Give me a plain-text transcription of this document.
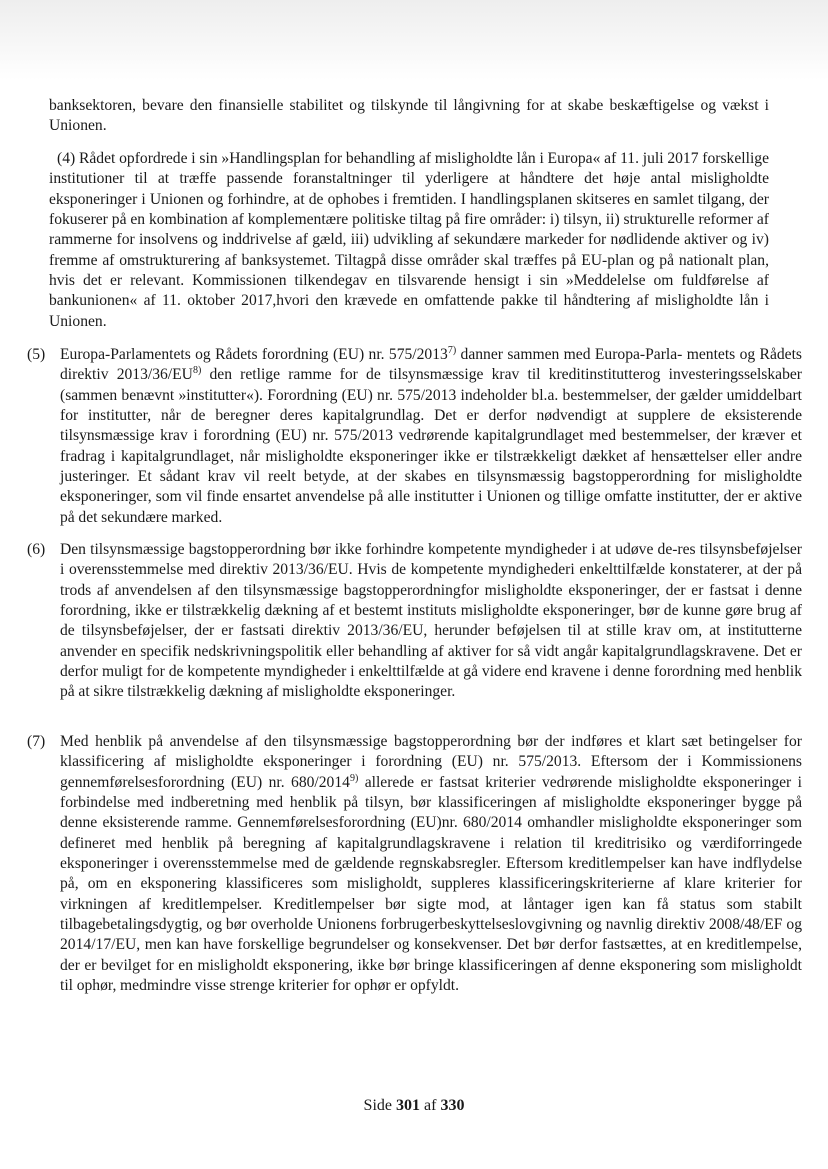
banksektoren, bevare den finansielle stabilitet og tilskynde til långivning for at skabe beskæftigelse og vækst i Unionen.

(4) Rådet opfordrede i sin »Handlingsplan for behandling af misligholdte lån i Europa« af 11. juli 2017 forskellige institutioner til at træffe passende foranstaltninger til yderligere at håndtere det høje antal misligholdte eksponeringer i Unionen og forhindre, at de ophobes i fremtiden. I handlingsplanen skitseres en samlet tilgang, der fokuserer på en kombination af komplementære politiske tiltag på fire områder: i) tilsyn, ii) strukturelle reformer af rammerne for insolvens og inddrivelse af gæld, iii) udvikling af sekundære markeder for nødlidende aktiver og iv) fremme af omstrukturering af banksystemet. Tiltagpå disse områder skal træffes på EU-plan og på nationalt plan, hvis det er relevant. Kommissionen tilkendegav en tilsvarende hensigt i sin »Meddelelse om fuldførelse af bankunionen« af 11. oktober 2017,hvori den krævede en omfattende pakke til håndtering af misligholdte lån i Unionen.

(5) Europa-Parlamentets og Rådets forordning (EU) nr. 575/2013$^{7)}$ danner sammen med Europa-Parla- mentets og Rådets direktiv 2013/36/EU$^{8)}$ den retlige ramme for de tilsynsmæssige krav til kreditinstitutterog investeringsselskaber (sammen benævnt »institutter«). Forordning (EU) nr. 575/2013 indeholder bl.a. bestemmelser, der gælder umiddelbart for institutter, når de beregner deres kapitalgrundlag. Det er derfor nødvendigt at supplere de eksisterende tilsynsmæssige krav i forordning (EU) nr. 575/2013 vedrørende kapitalgrundlaget med bestemmelser, der kræver et fradrag i kapitalgrundlaget, når misligholdte eksponeringer ikke er tilstrækkeligt dækket af hensættelser eller andre justeringer. Et sådant krav vil reelt betyde, at der skabes en tilsynsmæssig bagstopperordning for misligholdte eksponeringer, som vil finde ensartet anvendelse på alle institutter i Unionen og tillige omfatte institutter, der er aktive på det sekundære marked.

(6) Den tilsynsmæssige bagstopperordning bør ikke forhindre kompetente myndigheder i at udøve de-res tilsynsbeføjelser i overensstemmelse med direktiv 2013/36/EU. Hvis de kompetente myndighederi enkelttilfælde konstaterer, at der på trods af anvendelsen af den tilsynsmæssige bagstopperordningfor misligholdte eksponeringer, der er fastsat i denne forordning, ikke er tilstrækkelig dækning af et bestemt instituts misligholdte eksponeringer, bør de kunne gøre brug af de tilsynsbeføjelser, der er fastsati direktiv 2013/36/EU, herunder beføjelsen til at stille krav om, at institutterne anvender en specifik nedskrivningspolitik eller behandling af aktiver for så vidt angår kapitalgrundlagskravene. Det er derfor muligt for de kompetente myndigheder i enkelttilfælde at gå videre end kravene i denne forordning med henblik på at sikre tilstrækkelig dækning af misligholdte eksponeringer.

(7) Med henblik på anvendelse af den tilsynsmæssige bagstopperordning bør der indføres et klart sæt betingelser for klassificering af misligholdte eksponeringer i forordning (EU) nr. 575/2013. Eftersom der i Kommissionens gennemførelsesforordning (EU) nr. 680/2014$^{9)}$ allerede er fastsat kriterier vedrørende misligholdte eksponeringer i forbindelse med indberetning med henblik på tilsyn, bør klassificeringen af misligholdte eksponeringer bygge på denne eksisterende ramme. Gennemførelsesforordning (EU)nr. 680/2014 omhandler misligholdte eksponeringer som defineret med henblik på beregning af kapitalgrundlagskravene i relation til kreditrisiko og værdiforringede eksponeringer i overensstemmelse med de gældende regnskabsregler. Eftersom kreditlempelser kan have indflydelse på, om en eksponering klassificeres som misligholdt, suppleres klassificeringskriterierne af klare kriterier for virkningen af kreditlempelser. Kreditlempelser bør sigte mod, at låntager igen kan få status som stabilt tilbagebetalingsdygtig, og bør overholde Unionens forbrugerbeskyttelseslovgivning og navnlig direktiv 2008/48/EF og 2014/17/EU, men kan have forskellige begrundelser og konsekvenser. Det bør derfor fastsættes, at en kreditlempelse, der er bevilget for en misligholdt eksponering, ikke bør bringe klassificeringen af denne eksponering som misligholdt til ophør, medmindre visse strenge kriterier for ophør er opfyldt.

Side 301 af 330
